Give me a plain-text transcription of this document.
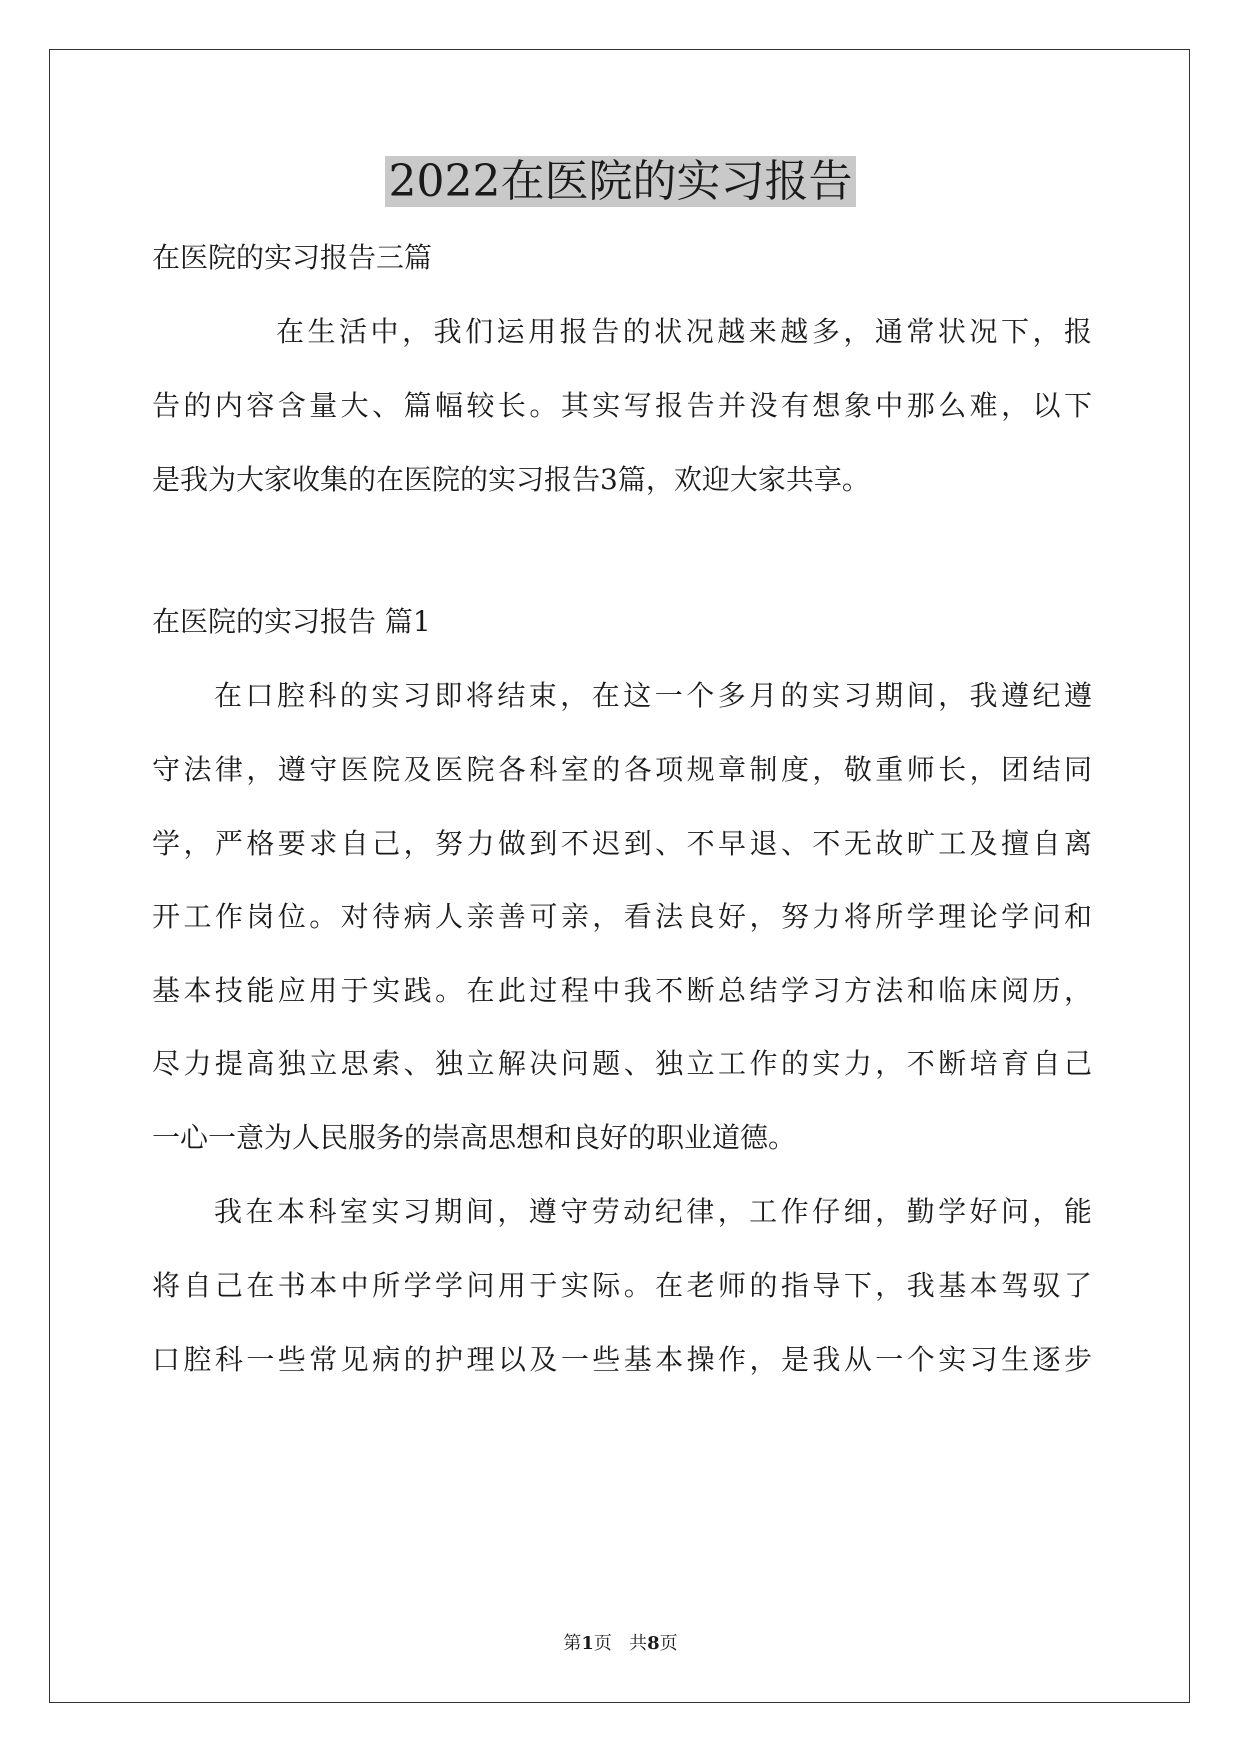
2022在医院的实习报告
在医院的实习报告三篇
在生活中，我们运用报告的状况越来越多，通常状况下，报
告的内容含量大、篇幅较长。其实写报告并没有想象中那么难，以下
是我为大家收集的在医院的实习报告3篇，欢迎大家共享。
在医院的实习报告 篇1
在口腔科的实习即将结束，在这一个多月的实习期间，我遵纪遵
守法律，遵守医院及医院各科室的各项规章制度，敬重师长，团结同
学，严格要求自己，努力做到不迟到、不早退、不无故旷工及擅自离
开工作岗位。对待病人亲善可亲，看法良好，努力将所学理论学问和
基本技能应用于实践。在此过程中我不断总结学习方法和临床阅历，
尽力提高独立思索、独立解决问题、独立工作的实力，不断培育自己
一心一意为人民服务的崇高思想和良好的职业道德。
我在本科室实习期间，遵守劳动纪律，工作仔细，勤学好问，能
将自己在书本中所学学问用于实际。在老师的指导下，我基本驾驭了
口腔科一些常见病的护理以及一些基本操作，是我从一个实习生逐步
第1页   共8页
